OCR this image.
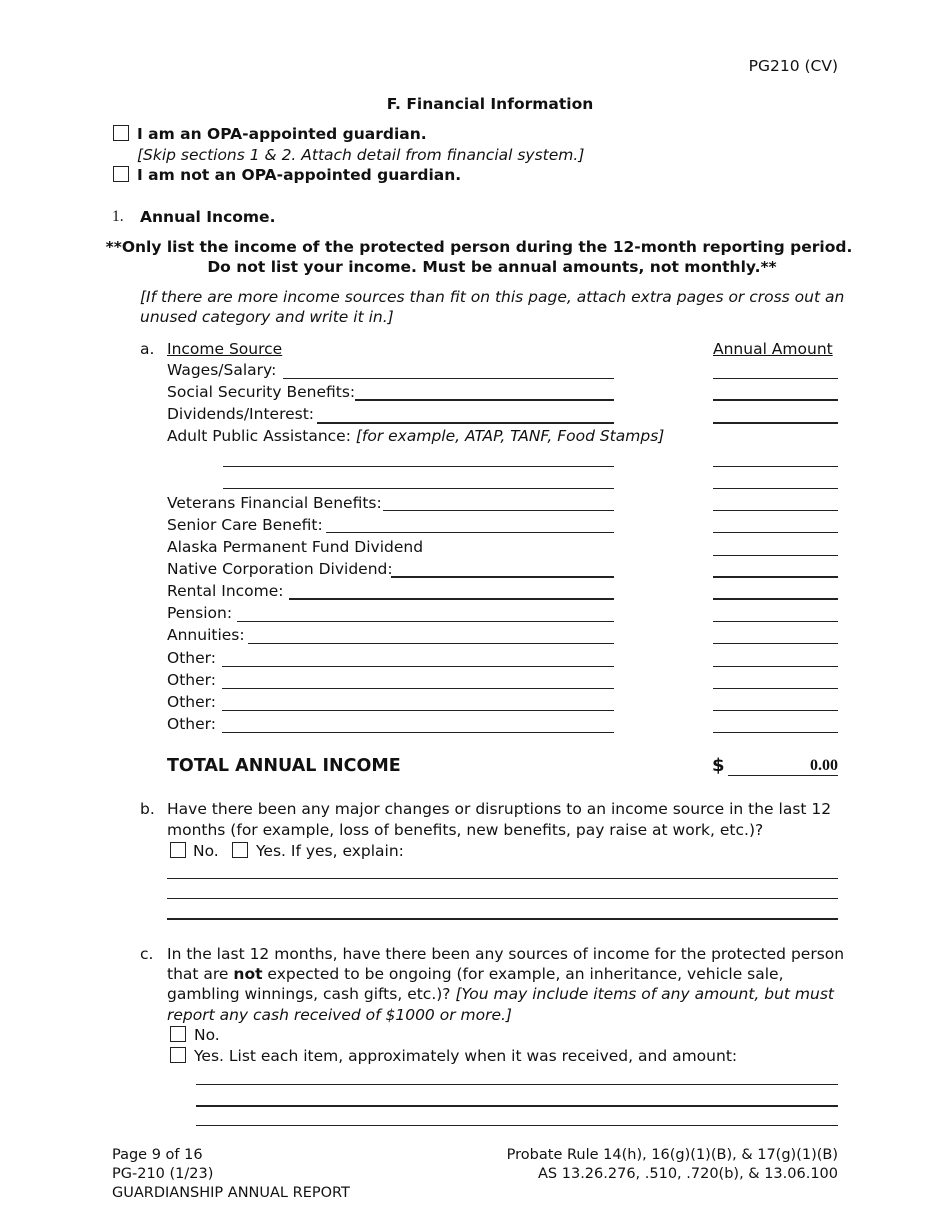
PG210 (CV)
F. Financial Information
I am an OPA-appointed guardian.
[Skip sections 1 & 2. Attach detail from financial system.]
I am not an OPA-appointed guardian.
1. Annual Income.
**Only list the income of the protected person during the 12-month reporting period.
Do not list your income. Must be annual amounts, not monthly.**
[If there are more income sources than fit on this page, attach extra pages or cross out an
unused category and write it in.]
a. Income Source	Annual Amount
Wages/Salary:
Social Security Benefits:
Dividends/Interest:
Adult Public Assistance: [for example, ATAP, TANF, Food Stamps]
Veterans Financial Benefits:
Senior Care Benefit:
Alaska Permanent Fund Dividend
Native Corporation Dividend:
Rental Income:
Pension:
Annuities:
Other:
Other:
Other:
Other:
TOTAL ANNUAL INCOME	$	0.00
b. Have there been any major changes or disruptions to an income source in the last 12
months (for example, loss of benefits, new benefits, pay raise at work, etc.)?
No. Yes. If yes, explain:
c. In the last 12 months, have there been any sources of income for the protected person
that are not expected to be ongoing (for example, an inheritance, vehicle sale,
gambling winnings, cash gifts, etc.)? [You may include items of any amount, but must
report any cash received of $1000 or more.]
No.
Yes. List each item, approximately when it was received, and amount:
Page 9 of 16
PG-210 (1/23)
GUARDIANSHIP ANNUAL REPORT
Probate Rule 14(h), 16(g)(1)(B), & 17(g)(1)(B)
AS 13.26.276, .510, .720(b), & 13.06.100
